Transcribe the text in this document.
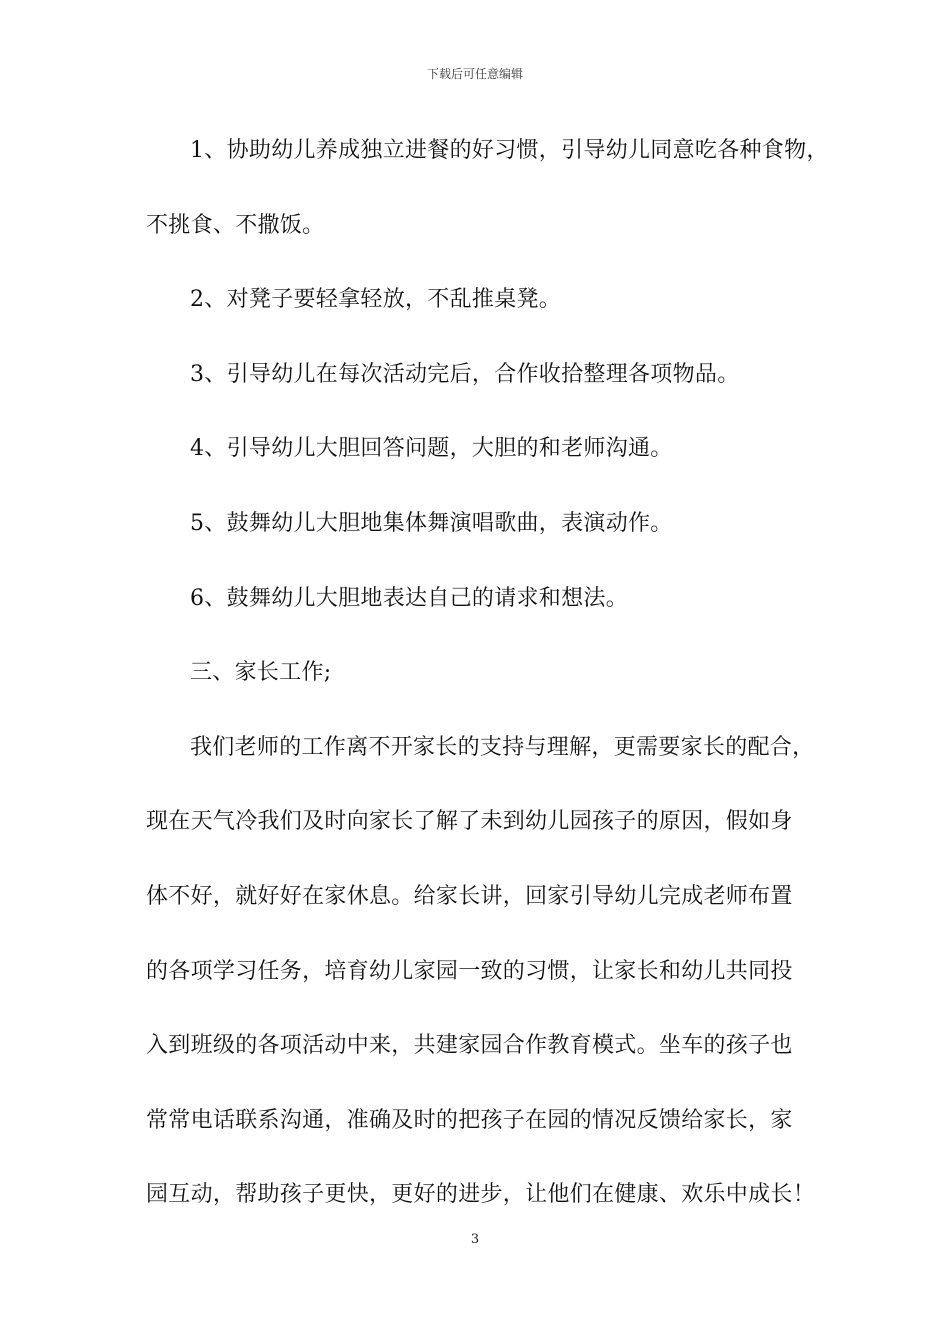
下载后可任意编辑
1、协助幼儿养成独立进餐的好习惯，引导幼儿同意吃各种食物，
不挑食、不撒饭。
2、对凳子要轻拿轻放，不乱推桌凳。
3、引导幼儿在每次活动完后，合作收拾整理各项物品。
4、引导幼儿大胆回答问题，大胆的和老师沟通。
5、鼓舞幼儿大胆地集体舞演唱歌曲，表演动作。
6、鼓舞幼儿大胆地表达自己的请求和想法。
三、家长工作;
我们老师的工作离不开家长的支持与理解，更需要家长的配合，
现在天气冷我们及时向家长了解了未到幼儿园孩子的原因，假如身
体不好，就好好在家休息。给家长讲，回家引导幼儿完成老师布置
的各项学习任务，培育幼儿家园一致的习惯，让家长和幼儿共同投
入到班级的各项活动中来，共建家园合作教育模式。坐车的孩子也
常常电话联系沟通，准确及时的把孩子在园的情况反馈给家长，家
园互动，帮助孩子更快，更好的进步，让他们在健康、欢乐中成长！
3
